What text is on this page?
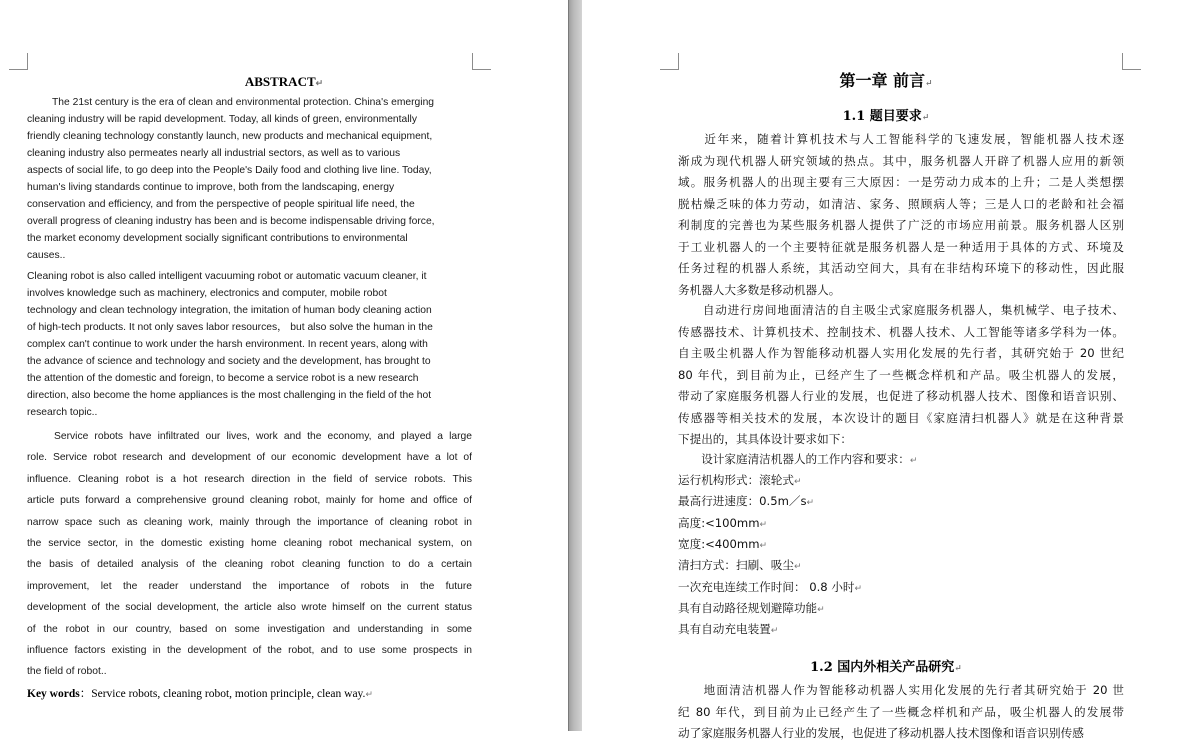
ABSTRACT↵
The 21st century is the era of clean and environmental protection. China's emerging
cleaning industry will be rapid development. Today, all kinds of green, environmentally
friendly cleaning technology constantly launch, new products and mechanical equipment,
cleaning industry also permeates nearly all industrial sectors, as well as to various
aspects of social life, to go deep into the People's Daily food and clothing live line. Today,
human's living standards continue to improve, both from the landscaping, energy
conservation and efficiency, and from the perspective of people spiritual life need, the
overall progress of cleaning industry has been and is become indispensable driving force,
the market economy development socially significant contributions to environmental
causes..
Cleaning robot is also called intelligent vacuuming robot or automatic vacuum cleaner, it
involves knowledge such as machinery, electronics and computer, mobile robot
technology and clean technology integration, the imitation of human body cleaning action
of high-tech products. It not only saves labor resources， but also solve the human in the
complex can't continue to work under the harsh environment. In recent years, along with
the advance of science and technology and society and the development, has brought to
the attention of the domestic and foreign, to become a service robot is a new research
direction, also become the home appliances is the most challenging in the field of the hot
research topic..
Service robots have infiltrated our lives, work and the economy, and played a large
role. Service robot research and development of our economic development have a lot of
influence. Cleaning robot is a hot research direction in the field of service robots. This
article puts forward a comprehensive ground cleaning robot, mainly for home and office of
narrow space such as cleaning work, mainly through the importance of cleaning robot in
the service sector, in the domestic existing home cleaning robot mechanical system, on
the basis of detailed analysis of the cleaning robot cleaning function to do a certain
improvement, let the reader understand the importance of robots in the future
development of the social development, the article also wrote himself on the current status
of the robot in our country, based on some investigation and understanding in some
influence factors existing in the development of the robot, and to use some prospects in
the field of robot..
Key words：Service robots, cleaning robot, motion principle, clean way.↵
第一章 前言↵
1.1 题目要求↵
　　近年来，随着计算机技术与人工智能科学的飞速发展，智能机器人技术逐
渐成为现代机器人研究领域的热点。其中，服务机器人开辟了机器人应用的新领
域。服务机器人的出现主要有三大原因：一是劳动力成本的上升；二是人类想摆
脱枯燥乏味的体力劳动，如清洁、家务、照顾病人等；三是人口的老龄和社会福
利制度的完善也为某些服务机器人提供了广泛的市场应用前景。服务机器人区别
于工业机器人的一个主要特征就是服务机器人是一种适用于具体的方式、环境及
任务过程的机器人系统，其活动空间大，具有在非结构环境下的移动性，因此服
务机器人大多数是移动机器人。
　　自动进行房间地面清洁的自主吸尘式家庭服务机器人，集机械学、电子技术、
传感器技术、计算机技术、控制技术、机器人技术、人工智能等诸多学科为一体。
自主吸尘机器人作为智能移动机器人实用化发展的先行者，其研究始于 20 世纪
80 年代，到目前为止，已经产生了一些概念样机和产品。吸尘机器人的发展，
带动了家庭服务机器人行业的发展，也促进了移动机器人技术、图像和语音识别、
传感器等相关技术的发展，本次设计的题目《家庭清扫机器人》就是在这种背景
下提出的，其具体设计要求如下：
　　设计家庭清洁机器人的工作内容和要求：↵
运行机构形式：滚轮式↵
最高行进速度：0.5m／s↵
高度:<100mm↵
宽度:<400mm↵
清扫方式：扫刷、吸尘↵
一次充电连续工作时间： 0.8 小时↵
具有自动路径规划避障功能↵
具有自动充电装置↵
1.2 国内外相关产品研究↵
　　地面清洁机器人作为智能移动机器人实用化发展的先行者其研究始于 20 世
纪 80 年代，到目前为止已经产生了一些概念样机和产品，吸尘机器人的发展带
动了家庭服务机器人行业的发展，也促进了移动机器人技术图像和语音识别传感
